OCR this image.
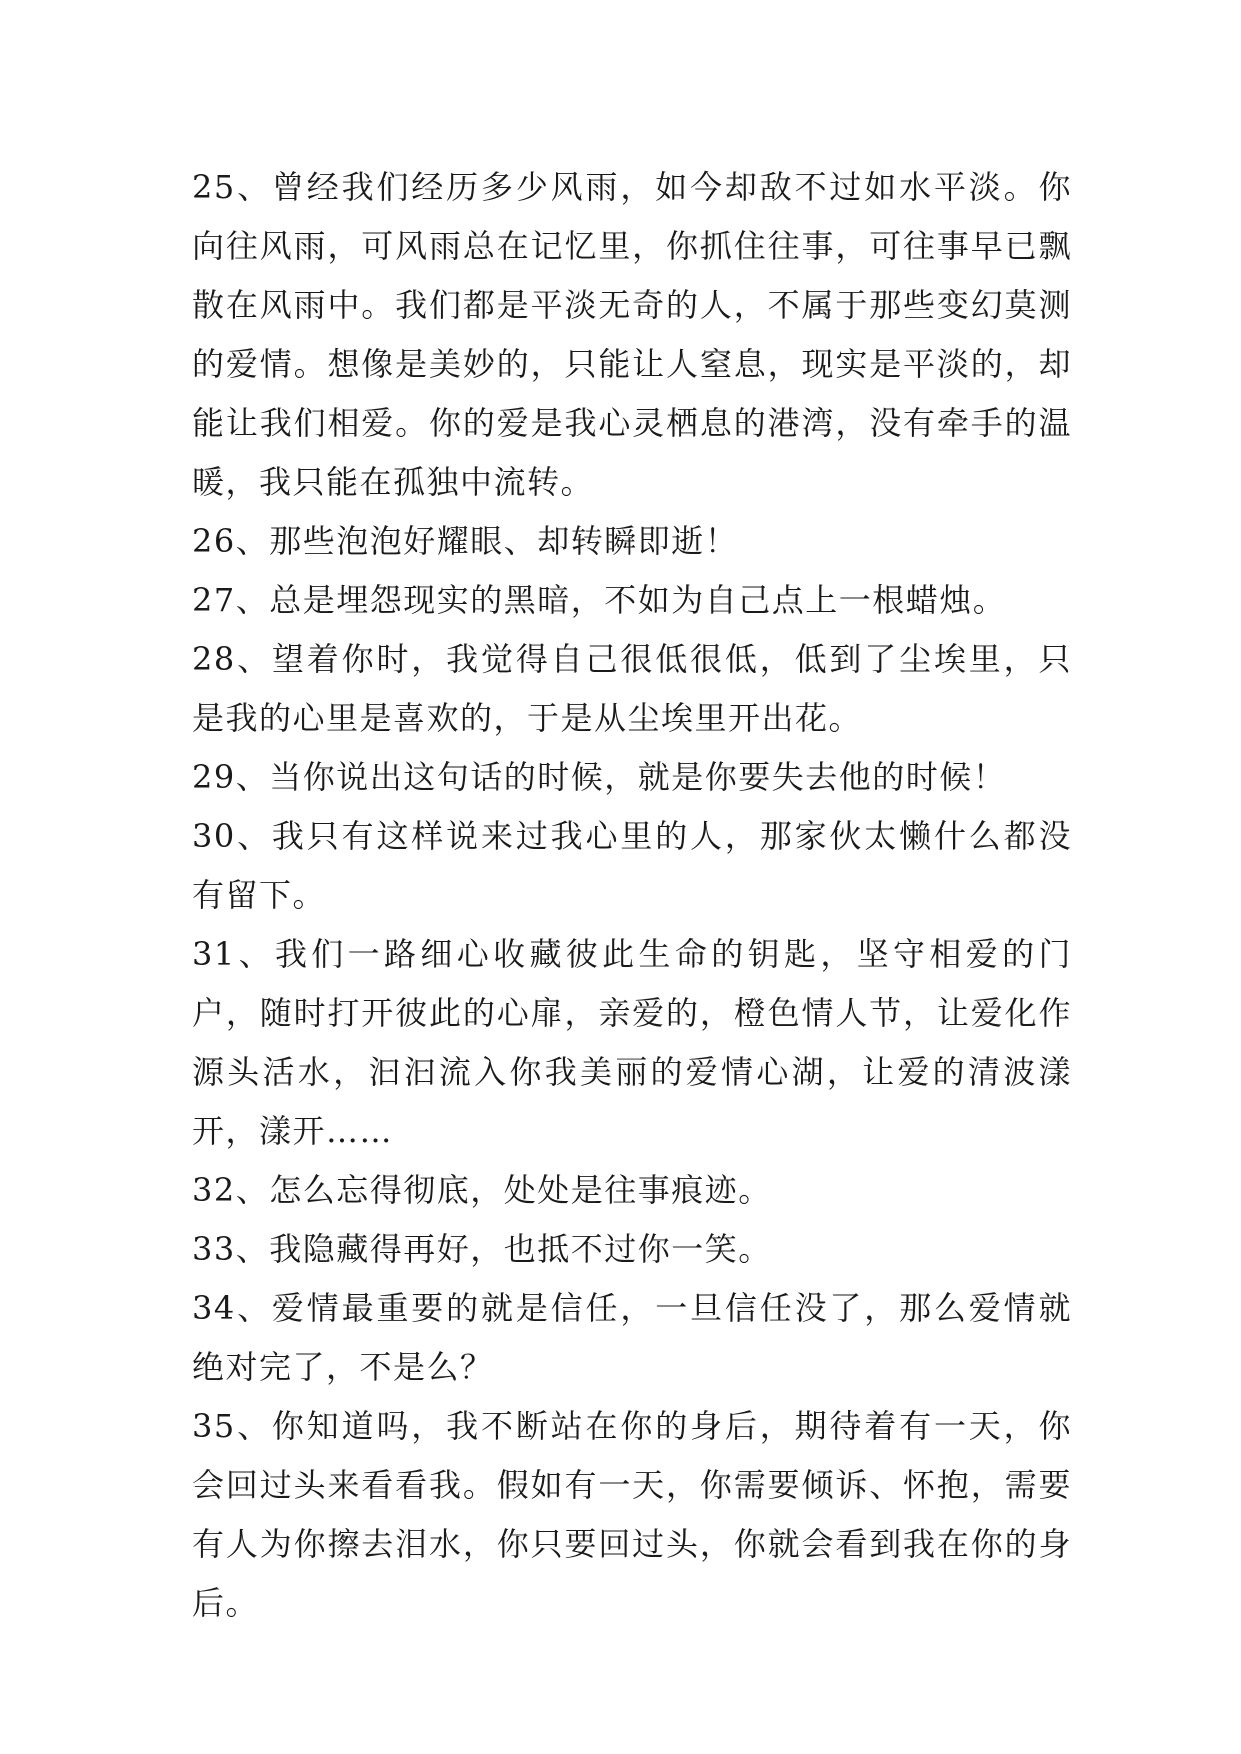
25、曾经我们经历多少风雨，如今却敌不过如水平淡。你向往风雨，可风雨总在记忆里，你抓住往事，可往事早已飘散在风雨中。我们都是平淡无奇的人，不属于那些变幻莫测的爱情。想像是美妙的，只能让人窒息，现实是平淡的，却能让我们相爱。你的爱是我心灵栖息的港湾，没有牵手的温暖，我只能在孤独中流转。

26、那些泡泡好耀眼、却转瞬即逝！

27、总是埋怨现实的黑暗，不如为自己点上一根蜡烛。

28、望着你时，我觉得自己很低很低，低到了尘埃里，只是我的心里是喜欢的，于是从尘埃里开出花。

29、当你说出这句话的时候，就是你要失去他的时候！

30、我只有这样说来过我心里的人，那家伙太懒什么都没有留下。

31、我们一路细心收藏彼此生命的钥匙，坚守相爱的门户，随时打开彼此的心扉，亲爱的，橙色情人节，让爱化作源头活水，汩汩流入你我美丽的爱情心湖，让爱的清波漾开，漾开……

32、怎么忘得彻底，处处是往事痕迹。

33、我隐藏得再好，也抵不过你一笑。

34、爱情最重要的就是信任，一旦信任没了，那么爱情就绝对完了，不是么？

35、你知道吗，我不断站在你的身后，期待着有一天，你会回过头来看看我。假如有一天，你需要倾诉、怀抱，需要有人为你擦去泪水，你只要回过头，你就会看到我在你的身后。
